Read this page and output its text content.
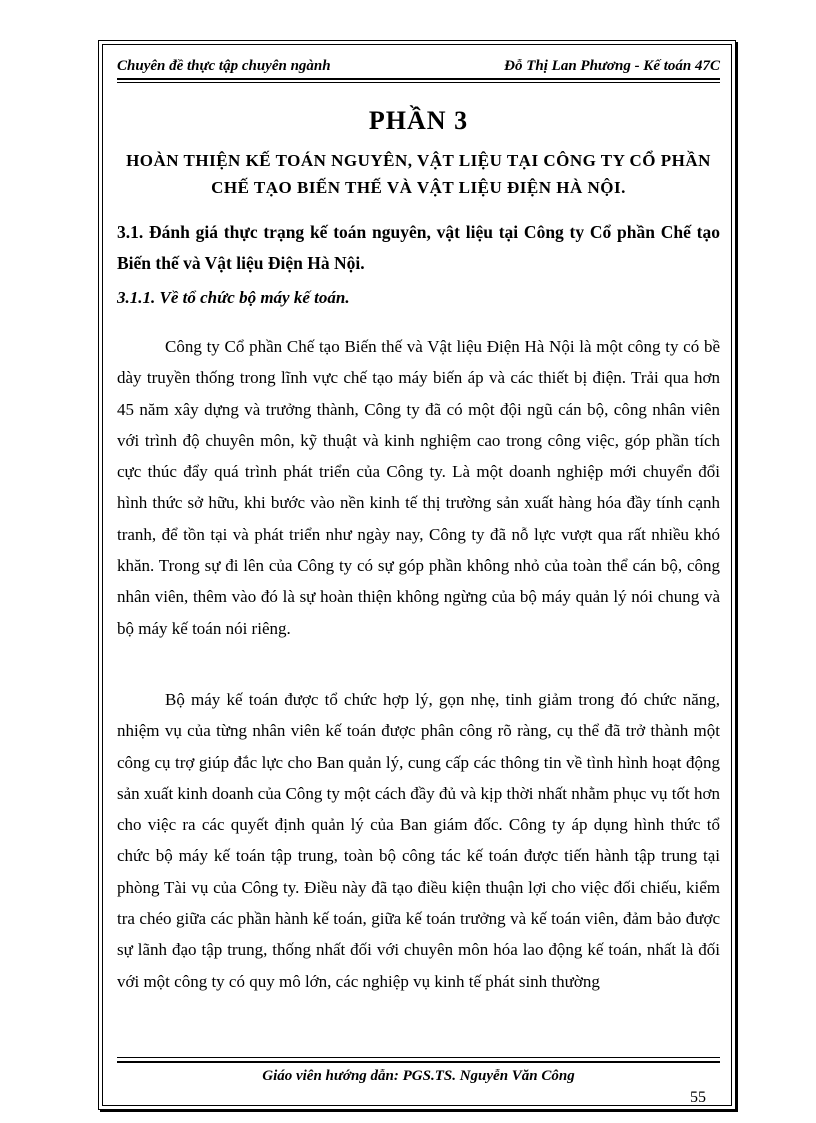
Chuyên đề thực tập chuyên ngành	Đỗ Thị Lan Phương - Kế toán 47C
PHẦN 3
HOÀN THIỆN KẾ TOÁN NGUYÊN, VẬT LIỆU TẠI CÔNG TY CỔ PHẦN CHẾ TẠO BIẾN THẾ VÀ VẬT LIỆU ĐIỆN HÀ NỘI.
3.1. Đánh giá thực trạng kế toán nguyên, vật liệu tại Công ty Cổ phần Chế tạo Biến thế và Vật liệu Điện Hà Nội.
3.1.1. Về tổ chức bộ máy kế toán.

Công ty Cổ phần Chế tạo Biến thế và Vật liệu Điện Hà Nội là một công ty có bề dày truyền thống trong lĩnh vực chế tạo máy biến áp và các thiết bị điện. Trải qua hơn 45 năm xây dựng và trưởng thành, Công ty đã có một đội ngũ cán bộ, công nhân viên với trình độ chuyên môn, kỹ thuật và kinh nghiệm cao trong công việc, góp phần tích cực thúc đẩy quá trình phát triển của Công ty. Là một doanh nghiệp mới chuyển đổi hình thức sở hữu, khi bước vào nền kinh tế thị trường sản xuất hàng hóa đầy tính cạnh tranh, để tồn tại và phát triển như ngày nay, Công ty đã nỗ lực vượt qua rất nhiều khó khăn. Trong sự đi lên của Công ty có sự góp phần không nhỏ của toàn thể cán bộ, công nhân viên, thêm vào đó là sự hoàn thiện không ngừng của bộ máy quản lý nói chung và bộ máy kế toán nói riêng.

Bộ máy kế toán được tổ chức hợp lý, gọn nhẹ, tinh giảm trong đó chức năng, nhiệm vụ của từng nhân viên kế toán được phân công rõ ràng, cụ thể đã trở thành một công cụ trợ giúp đắc lực cho Ban quản lý, cung cấp các thông tin về tình hình hoạt động sản xuất kinh doanh của Công ty một cách đầy đủ và kịp thời nhất nhằm phục vụ tốt hơn cho việc ra các quyết định quản lý của Ban giám đốc. Công ty áp dụng hình thức tổ chức bộ máy kế toán tập trung, toàn bộ công tác kế toán được tiến hành tập trung tại phòng Tài vụ của Công ty. Điều này đã tạo điều kiện thuận lợi cho việc đối chiếu, kiểm tra chéo giữa các phần hành kế toán, giữa kế toán trưởng và kế toán viên, đảm bảo được sự lãnh đạo tập trung, thống nhất đối với chuyên môn hóa lao động kế toán, nhất là đối với một công ty có quy mô lớn, các nghiệp vụ kinh tế phát sinh thường

Giáo viên hướng dẫn: PGS.TS. Nguyễn Văn Công
55
